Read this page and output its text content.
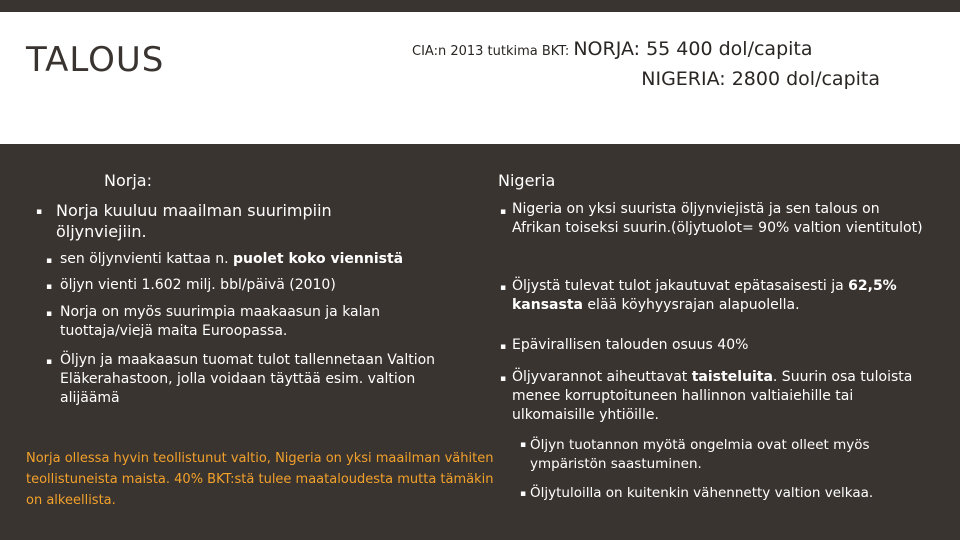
TALOUS	CIA:n 2013 tutkima BKT: NORJA: 55 400 dol/capita
NIGERIA: 2800 dol/capita
Norja:
▪ Norja kuuluu maailman suurimpiin öljynviejiin.
▪ sen öljynvienti kattaa n. puolet koko viennistä
▪ öljyn vienti 1.602 milj. bbl/päivä (2010)
▪ Norja on myös suurimpia maakaasun ja kalan tuottaja/viejä maita Euroopassa.
▪ Öljyn ja maakaasun tuomat tulot tallennetaan Valtion Eläkerahastoon, jolla voidaan täyttää esim. valtion alijäämä
Nigeria
▪ Nigeria on yksi suurista öljynviejistä ja sen talous on Afrikan toiseksi suurin.(öljytuolot= 90% valtion vientitulot)
▪ Öljystä tulevat tulot jakautuvat epätasaisesti ja 62,5% kansasta elää köyhyysrajan alapuolella.
▪ Epävirallisen talouden osuus 40%
▪ Öljyvarannot aiheuttavat taisteluita. Suurin osa tuloista menee korruptoituneen hallinnon valtiaiehille tai ulkomaisille yhtiöille.
▪ Öljyn tuotannon myötä ongelmia ovat olleet myös ympäristön saastuminen.
▪ Öljytuloilla on kuitenkin vähennetty valtion velkaa.
Norja ollessa hyvin teollistunut valtio, Nigeria on yksi maailman vähiten teollistuneista maista. 40% BKT:stä tulee maataloudesta mutta tämäkin on alkeellista.
